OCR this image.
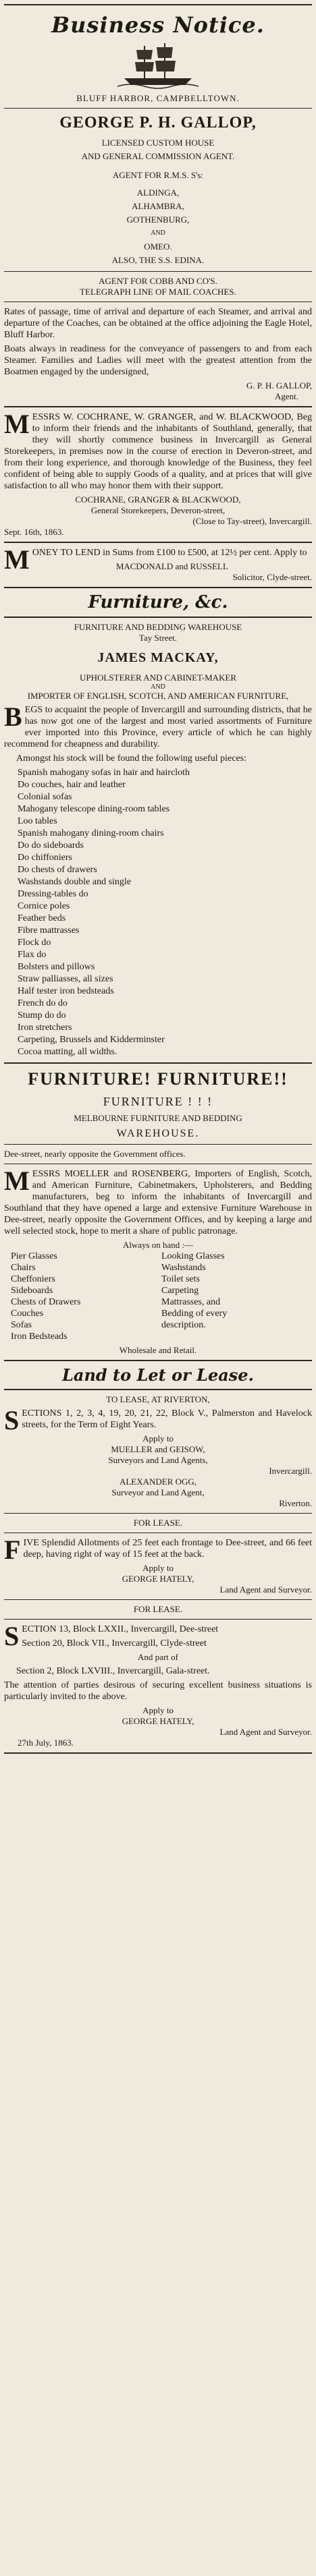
Business Notice.
BLUFF HARBOR, CAMPBELLTOWN.
GEORGE P. H. GALLOP,
LICENSED CUSTOM HOUSE
AND GENERAL COMMISSION AGENT.
AGENT FOR R.M.S. S's:
ALDINGA,
ALHAMBRA,
GOTHENBURG,
AND
OMEO.
ALSO, THE S.S. EDINA.
AGENT FOR COBB AND CO'S.
TELEGRAPH LINE OF MAIL COACHES.

Rates of passage, time of arrival and departure of each Steamer, and arrival and departure of the Coaches, can be obtained at the office adjoining the Eagle Hotel, Bluff Harbor.

Boats always in readiness for the conveyance of passengers to and from each Steamer. Families and Ladies will meet with the greatest attention from the Boatmen engaged by the undersigned,

G. P. H. GALLOP,
Agent.

MESSRS W. COCHRANE, W. GRANGER, and W. BLACKWOOD, Beg to inform their friends and the inhabitants of Southland, generally, that they will shortly commence business in Invercargill as General Storekeepers, in premises now in the course of erection in Deveron-street, and from their long experience, and thorough knowledge of the Business, they feel confident of being able to supply Goods of a quality, and at prices that will give satisfaction to all who may honor them with their support.

COCHRANE, GRANGER & BLACKWOOD,
General Storekeepers, Deveron-street,
(Close to Tay-street), Invercargill.
Sept. 16th, 1863.

MONEY TO LEND in Sums from £100 to £500, at 12½ per cent. Apply to

MACDONALD and RUSSELL
Solicitor, Clyde-street.
Furniture, &c.
FURNITURE AND BEDDING WAREHOUSE
Tay Street.
JAMES MACKAY,
UPHOLSTERER AND CABINET-MAKER
AND
IMPORTER OF ENGLISH, SCOTCH, AND AMERICAN FURNITURE,

BEGS to acquaint the people of Invercargill and surrounding districts, that he has now got one of the largest and most varied assortments of Furniture ever imported into this Province, every article of which he can highly recommend for cheapness and durability.

Amongst his stock will be found the following useful pieces:

Spanish mahogany sofas in hair and haircloth
Do couches, hair and leather
Colonial sofas
Mahogany telescope dining-room tables
Loo tables
Spanish mahogany dining-room chairs
Do do sideboards
Do chiffoniers
Do chests of drawers
Washstands double and single
Dressing-tables do
Cornice poles
Feather beds
Fibre mattrasses
Flock do
Flax do
Bolsters and pillows
Straw palliasses, all sizes
Half tester iron bedsteads
French do do
Stump do do
Iron stretchers
Carpeting, Brussels and Kidderminster
Cocoa matting, all widths.
FURNITURE! FURNITURE!!
FURNITURE ! ! !
MELBOURNE FURNITURE AND BEDDING
WAREHOUSE.
Dee-street, nearly opposite the Government offices.

MESSRS MOELLER and ROSENBERG, Importers of English, Scotch, and American Furniture, Cabinetmakers, Upholsterers, and Bedding manufacturers, beg to inform the inhabitants of Invercargill and Southland that they have opened a large and extensive Furniture Warehouse in Dee-street, nearly opposite the Government Offices, and by keeping a large and well selected stock, hope to merit a share of public patronage.

Always on hand :—
Pier Glasses
Chairs
Cheffoniers
Sideboards
Chests of Drawers
Couches
Sofas
Iron Bedsteads
Looking Glasses
Washstands
Toilet sets
Carpeting
Mattrasses, and
Bedding of every
description.
Wholesale and Retail.
Land to Let or Lease.
TO LEASE, AT RIVERTON,

SECTIONS 1, 2, 3, 4, 19, 20, 21, 22, Block V., Palmerston and Havelock streets, for the Term of Eight Years.

Apply to
MUELLER and GEISOW,
Surveyors and Land Agents,
Invercargill.
ALEXANDER OGG,
Surveyor and Land Agent,
Riverton.
FOR LEASE.

FIVE Splendid Allotments of 25 feet each frontage to Dee-street, and 66 feet deep, having right of way of 15 feet at the back.

Apply to
GEORGE HATELY,
Land Agent and Surveyor.
FOR LEASE.

SECTION 13, Block LXXII., Invercargill, Dee-street

Section 20, Block VII., Invercargill, Clyde-street

And part of

Section 2, Block LXVIII., Invercargill, Gala-street.

The attention of parties desirous of securing excellent business situations is particularly invited to the above.

Apply to
GEORGE HATELY,
Land Agent and Surveyor.
27th July, 1863.
